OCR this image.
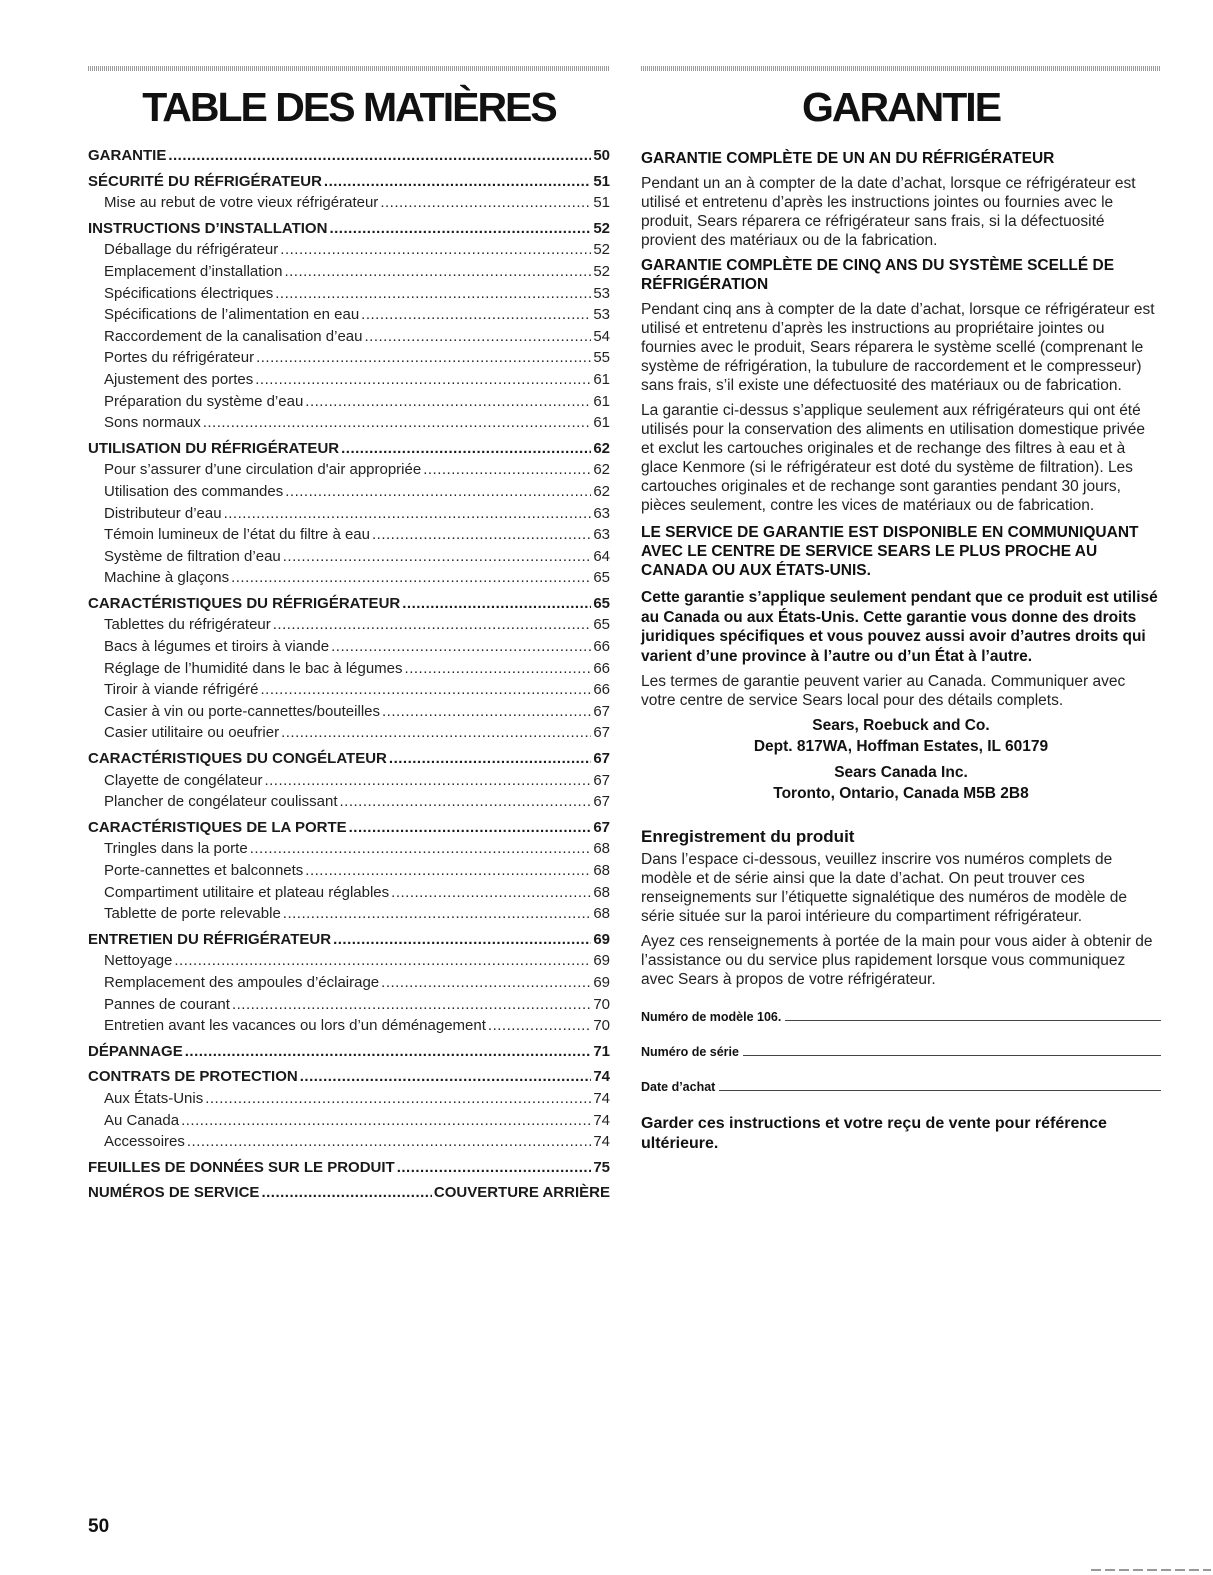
TABLE DES MATIÈRES
GARANTIE .....	50
SÉCURITÉ DU RÉFRIGÉRATEUR .....	51
Mise au rebut de votre vieux réfrigérateur .....	51
INSTRUCTIONS D’INSTALLATION .....	52
Déballage du réfrigérateur .....	52
Emplacement d’installation .....	52
Spécifications électriques .....	53
Spécifications de l’alimentation en eau .....	53
Raccordement de la canalisation d’eau .....	54
Portes du réfrigérateur .....	55
Ajustement des portes .....	61
Préparation du système d’eau .....	61
Sons normaux .....	61
UTILISATION DU RÉFRIGÉRATEUR .....	62
Pour s’assurer d’une circulation d'air appropriée .....	62
Utilisation des commandes .....	62
Distributeur d’eau .....	63
Témoin lumineux de l’état du filtre à eau .....	63
Système de filtration d’eau .....	64
Machine à glaçons .....	65
CARACTÉRISTIQUES DU RÉFRIGÉRATEUR .....	65
Tablettes du réfrigérateur .....	65
Bacs à légumes et tiroirs à viande .....	66
Réglage de l’humidité dans le bac à légumes .....	66
Tiroir à viande réfrigéré .....	66
Casier à vin ou porte-cannettes/bouteilles .....	67
Casier utilitaire ou oeufrier .....	67
CARACTÉRISTIQUES DU CONGÉLATEUR .....	67
Clayette de congélateur .....	67
Plancher de congélateur coulissant .....	67
CARACTÉRISTIQUES DE LA PORTE .....	67
Tringles dans la porte .....	68
Porte-cannettes et balconnets .....	68
Compartiment utilitaire et plateau réglables .....	68
Tablette de porte relevable .....	68
ENTRETIEN DU RÉFRIGÉRATEUR .....	69
Nettoyage .....	69
Remplacement des ampoules d’éclairage .....	69
Pannes de courant .....	70
Entretien avant les vacances ou lors d’un déménagement .....	70
DÉPANNAGE .....	71
CONTRATS DE PROTECTION .....	74
Aux États-Unis .....	74
Au Canada .....	74
Accessoires .....	74
FEUILLES DE DONNÉES SUR LE PRODUIT .....	75
NUMÉROS DE SERVICE .....	COUVERTURE ARRIÈRE
GARANTIE

GARANTIE COMPLÈTE DE UN AN DU RÉFRIGÉRATEUR

Pendant un an à compter de la date d’achat, lorsque ce réfrigérateur est utilisé et entretenu d’après les instructions jointes ou fournies avec le produit, Sears réparera ce réfrigérateur sans frais, si la défectuosité provient des matériaux ou de la fabrication.

GARANTIE COMPLÈTE DE CINQ ANS DU SYSTÈME SCELLÉ DE RÉFRIGÉRATION

Pendant cinq ans à compter de la date d’achat, lorsque ce réfrigérateur est utilisé et entretenu d’après les instructions au propriétaire jointes ou fournies avec le produit, Sears réparera le système scellé (comprenant le système de réfrigération, la tubulure de raccordement et le compresseur) sans frais, s’il existe une défectuosité des matériaux ou de fabrication.

La garantie ci-dessus s’applique seulement aux réfrigérateurs qui ont été utilisés pour la conservation des aliments en utilisation domestique privée et exclut les cartouches originales et de rechange des filtres à eau et à glace Kenmore (si le réfrigérateur est doté du système de filtration). Les cartouches originales et de rechange sont garanties pendant 30 jours, pièces seulement, contre les vices de matériaux ou de fabrication.

LE SERVICE DE GARANTIE EST DISPONIBLE EN COMMUNIQUANT AVEC LE CENTRE DE SERVICE SEARS LE PLUS PROCHE AU CANADA OU AUX ÉTATS-UNIS.

Cette garantie s’applique seulement pendant que ce produit est utilisé au Canada ou aux États-Unis. Cette garantie vous donne des droits juridiques spécifiques et vous pouvez aussi avoir d’autres droits qui varient d’une province à l’autre ou d’un État à l’autre.

Les termes de garantie peuvent varier au Canada. Communiquer avec votre centre de service Sears local pour des détails complets.

Sears, Roebuck and Co.
Dept. 817WA, Hoffman Estates, IL 60179
Sears Canada Inc.
Toronto, Ontario, Canada M5B 2B8

Enregistrement du produit

Dans l’espace ci-dessous, veuillez inscrire vos numéros complets de modèle et de série ainsi que la date d’achat. On peut trouver ces renseignements sur l’étiquette signalétique des numéros de modèle de série située sur la paroi intérieure du compartiment réfrigérateur.

Ayez ces renseignements à portée de la main pour vous aider à obtenir de l’assistance ou du service plus rapidement lorsque vous communiquez avec Sears à propos de votre réfrigérateur.

Numéro de modèle 106.
Numéro de série
Date d’achat

Garder ces instructions et votre reçu de vente pour référence ultérieure.

50
